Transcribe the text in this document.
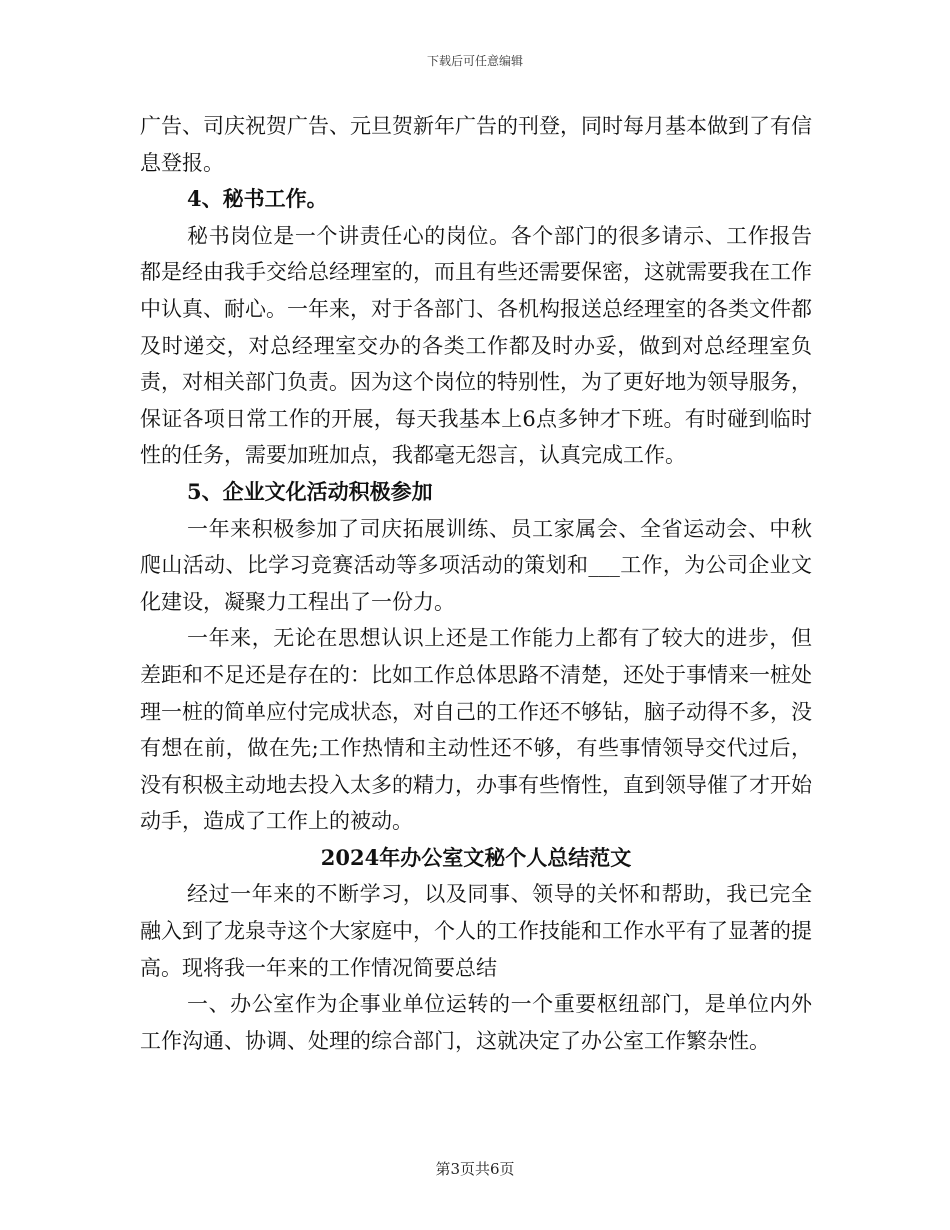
下载后可任意编辑

广告、司庆祝贺广告、元旦贺新年广告的刊登，同时每月基本做到了有信息登报。

4、秘书工作。

秘书岗位是一个讲责任心的岗位。各个部门的很多请示、工作报告都是经由我手交给总经理室的，而且有些还需要保密，这就需要我在工作中认真、耐心。一年来，对于各部门、各机构报送总经理室的各类文件都及时递交，对总经理室交办的各类工作都及时办妥，做到对总经理室负责，对相关部门负责。因为这个岗位的特别性，为了更好地为领导服务，保证各项日常工作的开展，每天我基本上6点多钟才下班。有时碰到临时性的任务，需要加班加点，我都毫无怨言，认真完成工作。

5、企业文化活动积极参加

一年来积极参加了司庆拓展训练、员工家属会、全省运动会、中秋爬山活动、比学习竞赛活动等多项活动的策划和___工作，为公司企业文化建设，凝聚力工程出了一份力。

一年来，无论在思想认识上还是工作能力上都有了较大的进步，但差距和不足还是存在的：比如工作总体思路不清楚，还处于事情来一桩处理一桩的简单应付完成状态，对自己的工作还不够钻，脑子动得不多，没有想在前，做在先;工作热情和主动性还不够，有些事情领导交代过后，没有积极主动地去投入太多的精力，办事有些惰性，直到领导催了才开始动手，造成了工作上的被动。

2024年办公室文秘个人总结范文

经过一年来的不断学习，以及同事、领导的关怀和帮助，我已完全融入到了龙泉寺这个大家庭中，个人的工作技能和工作水平有了显著的提高。现将我一年来的工作情况简要总结

一、办公室作为企事业单位运转的一个重要枢纽部门，是单位内外工作沟通、协调、处理的综合部门，这就决定了办公室工作繁杂性。

第3页共6页
